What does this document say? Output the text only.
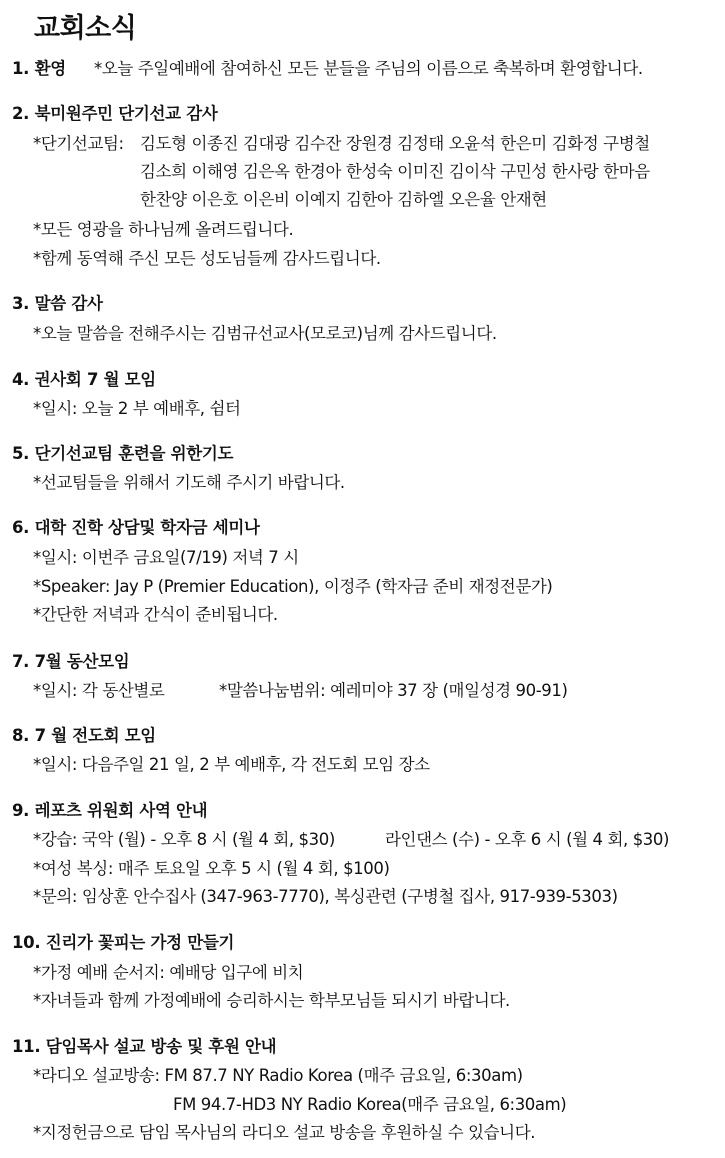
교회소식
1. 환영 *오늘 주일예배에 참여하신 모든 분들을 주님의 이름으로 축복하며 환영합니다.
2. 북미원주민 단기선교 감사
*단기선교팀: 김도형 이종진 김대광 김수잔 장원경 김정태 오윤석 한은미 김화정 구병철
김소희 이해영 김은옥 한경아 한성숙 이미진 김이삭 구민성 한사랑 한마음
한찬양 이은호 이은비 이예지 김한아 김하엘 오은율 안재현
*모든 영광을 하나님께 올려드립니다.
*함께 동역해 주신 모든 성도님들께 감사드립니다.
3. 말씀 감사
*오늘 말씀을 전해주시는 김범규선교사(모로코)님께 감사드립니다.
4. 권사회 7 월 모임
*일시: 오늘 2 부 예배후, 쉼터
5. 단기선교팀 훈련을 위한기도
*선교팀들을 위해서 기도해 주시기 바랍니다.
6. 대학 진학 상담및 학자금 세미나
*일시: 이번주 금요일(7/19) 저녁 7 시
*Speaker: Jay P (Premier Education), 이정주 (학자금 준비 재정전문가)
*간단한 저녁과 간식이 준비됩니다.
7. 7월 동산모임
*일시: 각 동산별로	*말씀나눔범위: 예레미야 37 장 (매일성경 90-91)
8. 7 월 전도회 모임
*일시: 다음주일 21 일, 2 부 예배후, 각 전도회 모임 장소
9. 레포츠 위원회 사역 안내
*강습: 국악 (월) - 오후 8 시 (월 4 회, $30)	라인댄스 (수) - 오후 6 시 (월 4 회, $30)
*여성 복싱: 매주 토요일 오후 5 시 (월 4 회, $100)
*문의: 임상훈 안수집사 (347-963-7770), 복싱관련 (구병철 집사, 917-939-5303)
10. 진리가 꽃피는 가정 만들기
*가정 예배 순서지: 예배당 입구에 비치
*자녀들과 함께 가정예배에 승리하시는 학부모님들 되시기 바랍니다.
11. 담임목사 설교 방송 및 후원 안내
*라디오 설교방송: FM 87.7 NY Radio Korea (매주 금요일, 6:30am)
FM 94.7-HD3 NY Radio Korea(매주 금요일, 6:30am)
*지정헌금으로 담임 목사님의 라디오 설교 방송을 후원하실 수 있습니다.
